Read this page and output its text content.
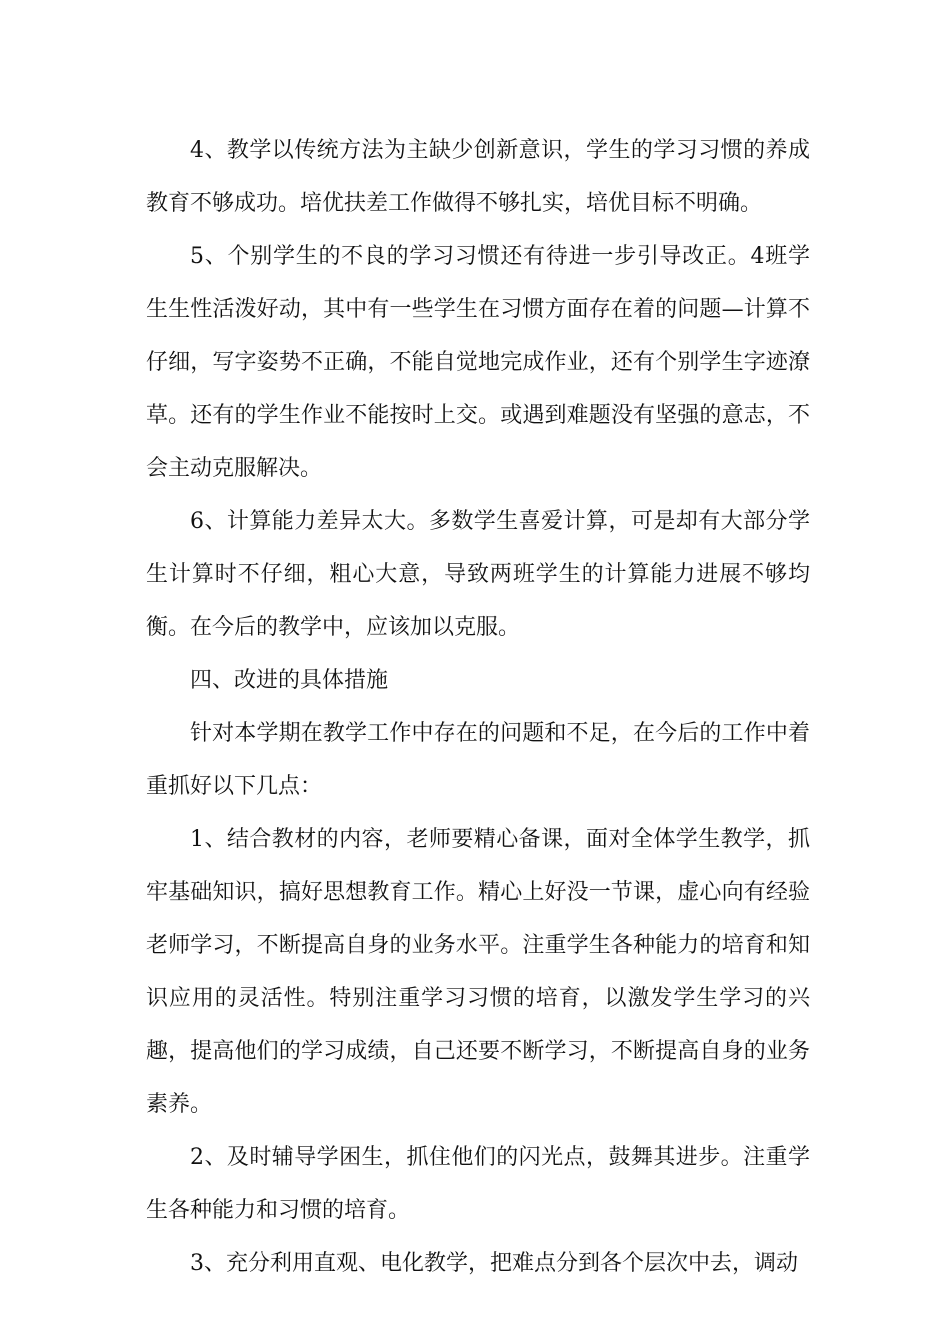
4、教学以传统方法为主缺少创新意识，学生的学习习惯的养成教育不够成功。培优扶差工作做得不够扎实，培优目标不明确。

5、个别学生的不良的学习习惯还有待进一步引导改正。4班学生生性活泼好动，其中有一些学生在习惯方面存在着的问题—计算不仔细，写字姿势不正确，不能自觉地完成作业，还有个别学生字迹潦草。还有的学生作业不能按时上交。或遇到难题没有坚强的意志，不会主动克服解决。

6、计算能力差异太大。多数学生喜爱计算，可是却有大部分学生计算时不仔细，粗心大意，导致两班学生的计算能力进展不够均衡。在今后的教学中，应该加以克服。

四、改进的具体措施

针对本学期在教学工作中存在的问题和不足，在今后的工作中着重抓好以下几点：

1、结合教材的内容，老师要精心备课，面对全体学生教学，抓牢基础知识，搞好思想教育工作。精心上好没一节课，虚心向有经验老师学习，不断提高自身的业务水平。注重学生各种能力的培育和知识应用的灵活性。特别注重学习习惯的培育，以激发学生学习的兴趣，提高他们的学习成绩，自己还要不断学习，不断提高自身的业务素养。

2、及时辅导学困生，抓住他们的闪光点，鼓舞其进步。注重学生各种能力和习惯的培育。

3、充分利用直观、电化教学，把难点分到各个层次中去，调动
